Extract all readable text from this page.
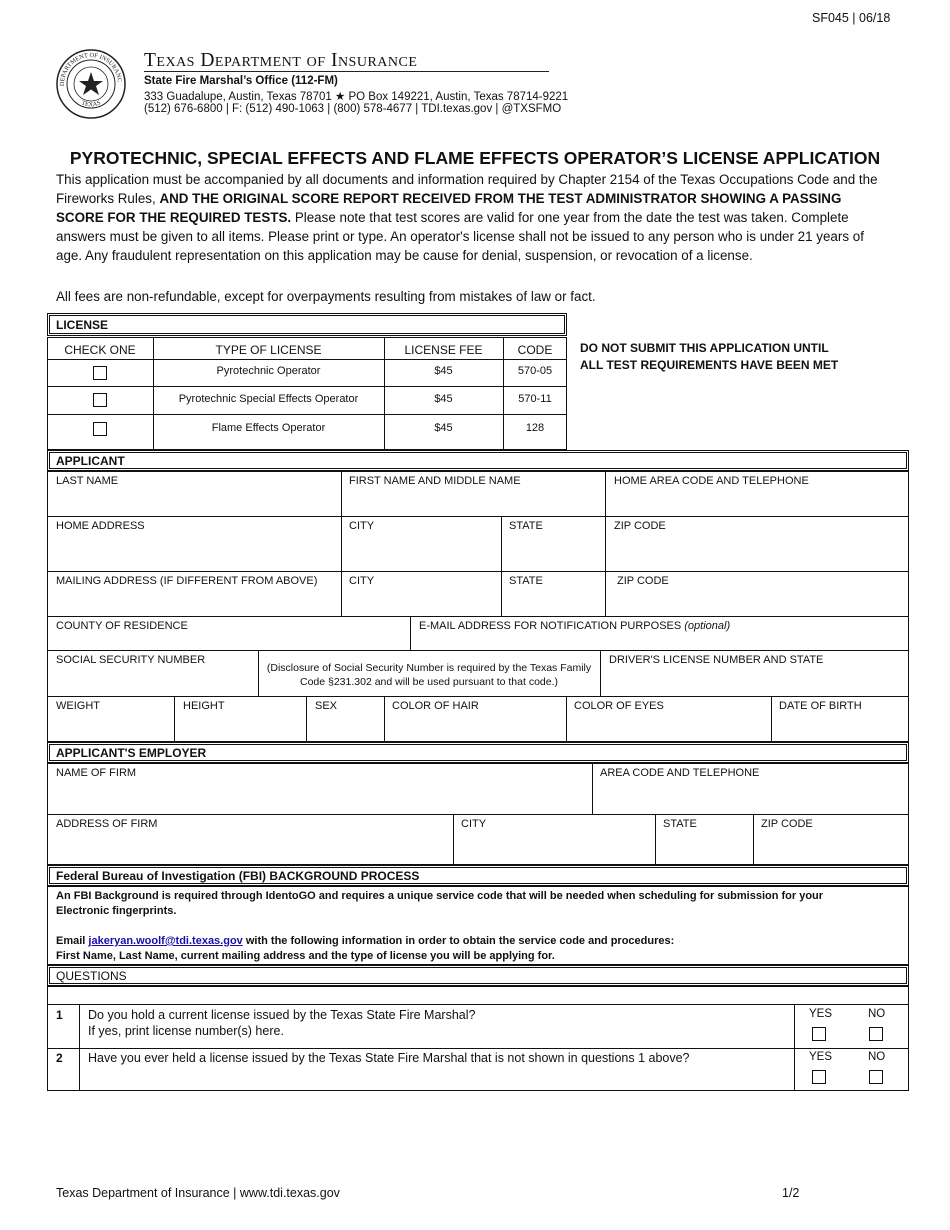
SF045 | 06/18
DEPARTMENT OF INSURANC
TEXAS
Texas Department of Insurance
State Fire Marshal’s Office (112-FM)
333 Guadalupe, Austin, Texas 78701 ★ PO Box 149221, Austin, Texas 78714-9221
(512) 676-6800 | F: (512) 490-1063 | (800) 578-4677 | TDI.texas.gov | @TXSFMO
PYROTECHNIC, SPECIAL EFFECTS AND FLAME EFFECTS OPERATOR’S LICENSE APPLICATION
This application must be accompanied by all documents and information required by Chapter 2154 of the Texas Occupations Code and the Fireworks Rules, AND THE ORIGINAL SCORE REPORT RECEIVED FROM THE TEST ADMINISTRATOR SHOWING A PASSING SCORE FOR THE REQUIRED TESTS. Please note that test scores are valid for one year from the date the test was taken. Complete answers must be given to all items. Please print or type. An operator's license shall not be issued to any person who is under 21 years of age. Any fraudulent representation on this application may be cause for denial, suspension, or revocation of a license.
All fees are non-refundable, except for overpayments resulting from mistakes of law or fact.
LICENSE
CHECK ONE	TYPE OF LICENSE	LICENSE FEE	CODE
Pyrotechnic Operator	$45	570-05
Pyrotechnic Special Effects Operator	$45	570-11
Flame Effects Operator	$45	128
DO NOT SUBMIT THIS APPLICATION UNTIL
ALL TEST REQUIREMENTS HAVE BEEN MET
APPLICANT
LAST NAME	FIRST NAME AND MIDDLE NAME	HOME AREA CODE AND TELEPHONE
HOME ADDRESS	CITY	STATE	ZIP CODE
MAILING ADDRESS (IF DIFFERENT FROM ABOVE)	CITY	STATE	ZIP CODE
COUNTY OF RESIDENCE	E-MAIL ADDRESS FOR NOTIFICATION PURPOSES (optional)
SOCIAL SECURITY NUMBER
(Disclosure of Social Security Number is required by the Texas Family Code §231.302 and will be used pursuant to that code.)
DRIVER'S LICENSE NUMBER AND STATE
WEIGHT	HEIGHT	SEX	COLOR OF HAIR	COLOR OF EYES	DATE OF BIRTH
APPLICANT'S EMPLOYER
NAME OF FIRM	AREA CODE AND TELEPHONE
ADDRESS OF FIRM	CITY	STATE	ZIP CODE
Federal Bureau of Investigation (FBI) BACKGROUND PROCESS
An FBI Background is required through IdentoGO and requires a unique service code that will be needed when scheduling for submission for your Electronic fingerprints.
Email jakeryan.woolf@tdi.texas.gov with the following information in order to obtain the service code and procedures:
First Name, Last Name, current mailing address and the type of license you will be applying for.
QUESTIONS
1 Do you hold a current license issued by the Texas State Fire Marshal?
If yes, print license number(s) here.
YES	NO
2 Have you ever held a license issued by the Texas State Fire Marshal that is not shown in questions 1 above?	YES	NO
Texas Department of Insurance | www.tdi.texas.gov	1/2
